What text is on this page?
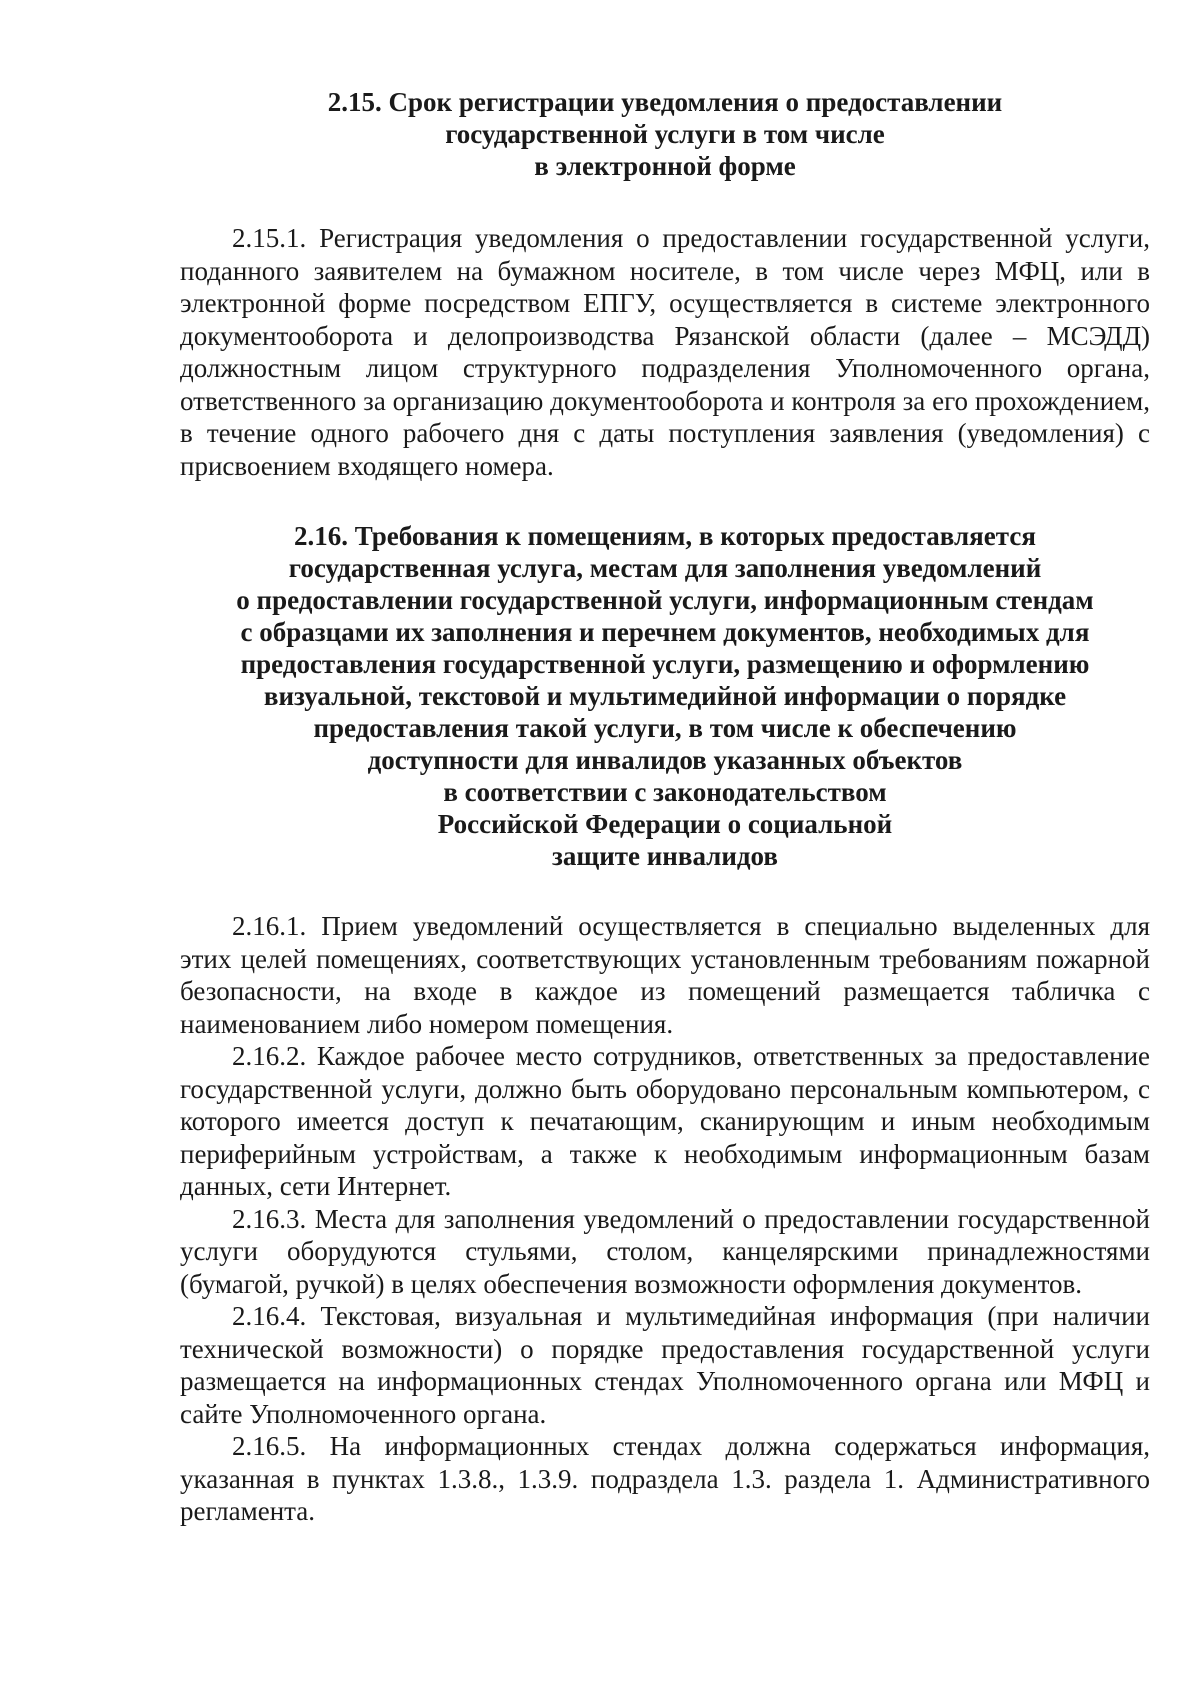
2.15. Срок регистрации уведомления о предоставлении
государственной услуги в том числе
в электронной форме

2.15.1. Регистрация уведомления о предоставлении государственной услуги, поданного заявителем на бумажном носителе, в том числе через МФЦ, или в электронной форме посредством ЕПГУ, осуществляется в системе электронного документооборота и делопроизводства Рязанской области (далее – МСЭДД) должностным лицом структурного подразделения Уполномоченного органа, ответственного за организацию документооборота и контроля за его прохождением, в течение одного рабочего дня с даты поступления заявления (уведомления) с присвоением входящего номера.

2.16. Требования к помещениям, в которых предоставляется
государственная услуга, местам для заполнения уведомлений
о предоставлении государственной услуги, информационным стендам
с образцами их заполнения и перечнем документов, необходимых для
предоставления государственной услуги, размещению и оформлению
визуальной, текстовой и мультимедийной информации о порядке
предоставления такой услуги, в том числе к обеспечению
доступности для инвалидов указанных объектов
в соответствии с законодательством
Российской Федерации о социальной
защите инвалидов

2.16.1. Прием уведомлений осуществляется в специально выделенных для этих целей помещениях, соответствующих установленным требованиям пожарной безопасности, на входе в каждое из помещений размещается табличка с наименованием либо номером помещения.

2.16.2. Каждое рабочее место сотрудников, ответственных за предоставление государственной услуги, должно быть оборудовано персональным компьютером, с которого имеется доступ к печатающим, сканирующим и иным необходимым периферийным устройствам, а также к необходимым информационным базам данных, сети Интернет.

2.16.3. Места для заполнения уведомлений о предоставлении государственной услуги оборудуются стульями, столом, канцелярскими принадлежностями (бумагой, ручкой) в целях обеспечения возможности оформления документов.

2.16.4. Текстовая, визуальная и мультимедийная информация (при наличии технической возможности) о порядке предоставления государственной услуги размещается на информационных стендах Уполномоченного органа или МФЦ и сайте Уполномоченного органа.

2.16.5. На информационных стендах должна содержаться информация, указанная в пунктах 1.3.8., 1.3.9. подраздела 1.3. раздела 1. Административного регламента.
